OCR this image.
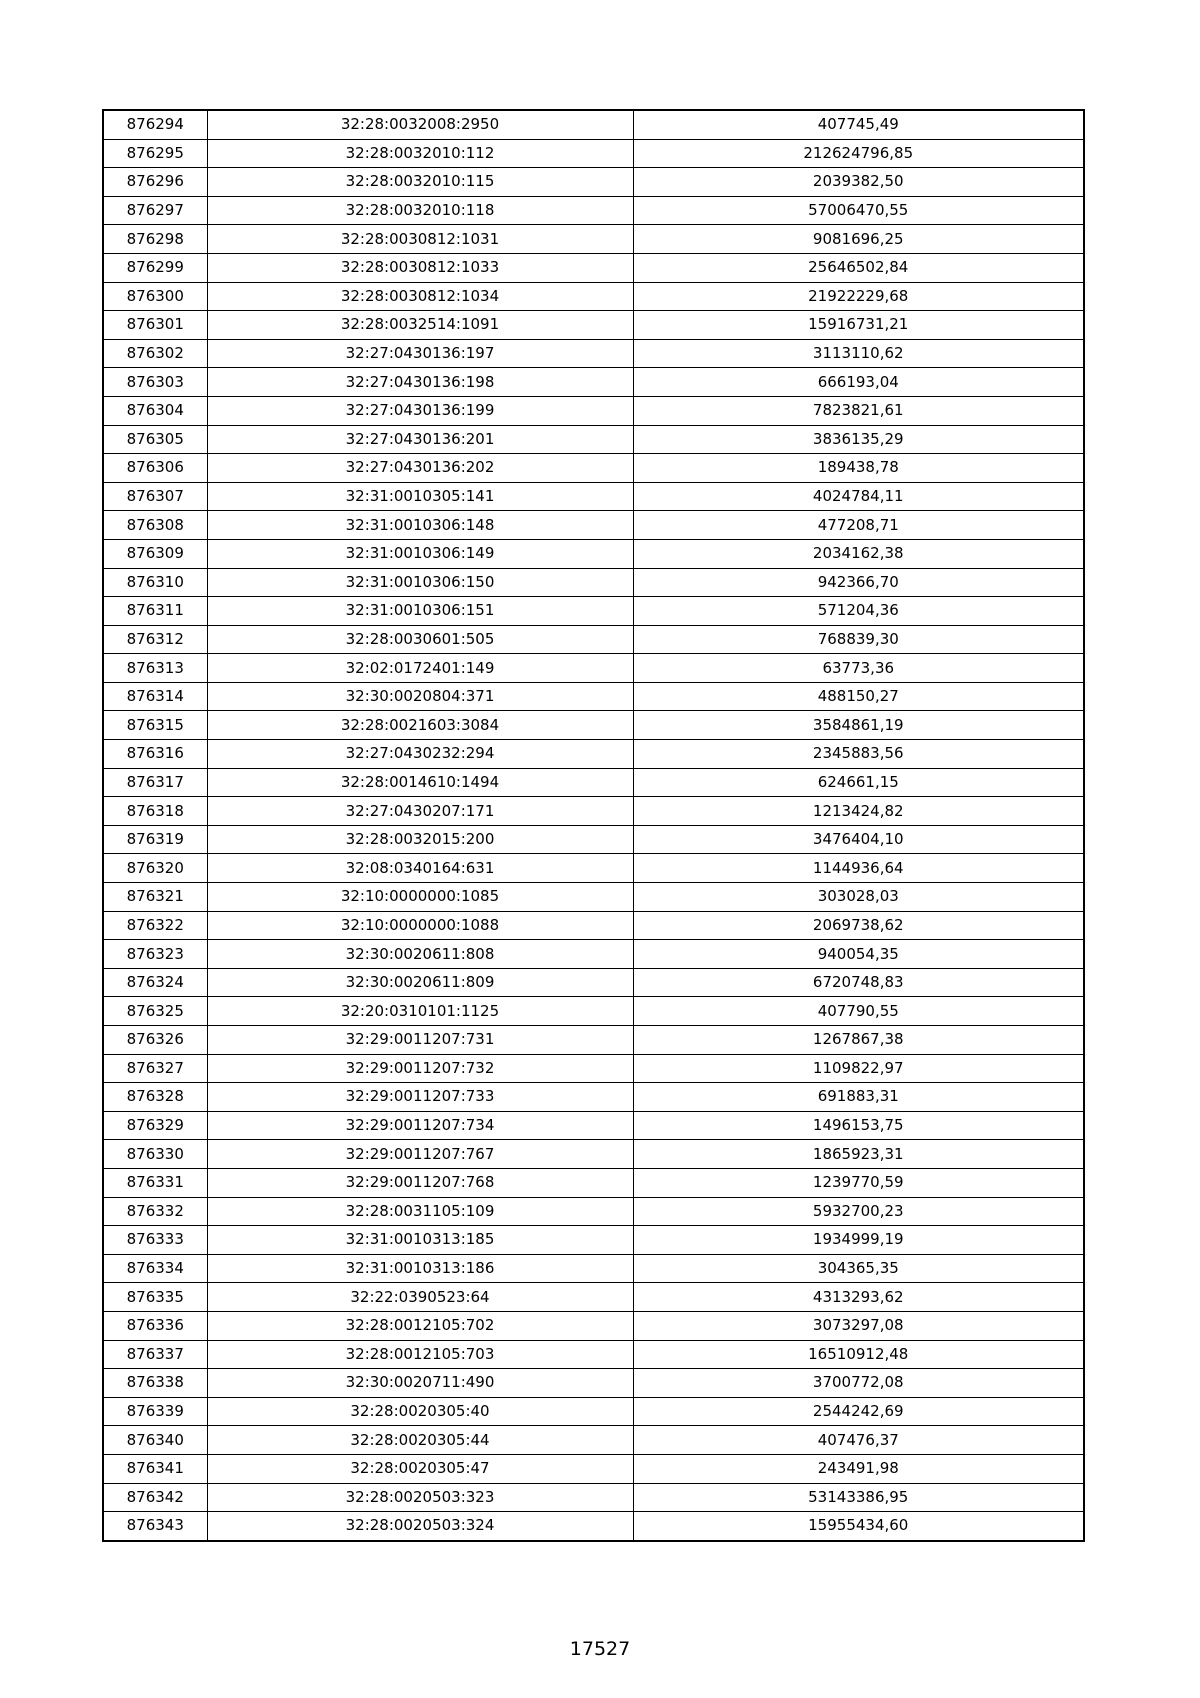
876294	32:28:0032008:2950	407745,49
876295	32:28:0032010:112	212624796,85
876296	32:28:0032010:115	2039382,50
876297	32:28:0032010:118	57006470,55
876298	32:28:0030812:1031	9081696,25
876299	32:28:0030812:1033	25646502,84
876300	32:28:0030812:1034	21922229,68
876301	32:28:0032514:1091	15916731,21
876302	32:27:0430136:197	3113110,62
876303	32:27:0430136:198	666193,04
876304	32:27:0430136:199	7823821,61
876305	32:27:0430136:201	3836135,29
876306	32:27:0430136:202	189438,78
876307	32:31:0010305:141	4024784,11
876308	32:31:0010306:148	477208,71
876309	32:31:0010306:149	2034162,38
876310	32:31:0010306:150	942366,70
876311	32:31:0010306:151	571204,36
876312	32:28:0030601:505	768839,30
876313	32:02:0172401:149	63773,36
876314	32:30:0020804:371	488150,27
876315	32:28:0021603:3084	3584861,19
876316	32:27:0430232:294	2345883,56
876317	32:28:0014610:1494	624661,15
876318	32:27:0430207:171	1213424,82
876319	32:28:0032015:200	3476404,10
876320	32:08:0340164:631	1144936,64
876321	32:10:0000000:1085	303028,03
876322	32:10:0000000:1088	2069738,62
876323	32:30:0020611:808	940054,35
876324	32:30:0020611:809	6720748,83
876325	32:20:0310101:1125	407790,55
876326	32:29:0011207:731	1267867,38
876327	32:29:0011207:732	1109822,97
876328	32:29:0011207:733	691883,31
876329	32:29:0011207:734	1496153,75
876330	32:29:0011207:767	1865923,31
876331	32:29:0011207:768	1239770,59
876332	32:28:0031105:109	5932700,23
876333	32:31:0010313:185	1934999,19
876334	32:31:0010313:186	304365,35
876335	32:22:0390523:64	4313293,62
876336	32:28:0012105:702	3073297,08
876337	32:28:0012105:703	16510912,48
876338	32:30:0020711:490	3700772,08
876339	32:28:0020305:40	2544242,69
876340	32:28:0020305:44	407476,37
876341	32:28:0020305:47	243491,98
876342	32:28:0020503:323	53143386,95
876343	32:28:0020503:324	15955434,60
17527
